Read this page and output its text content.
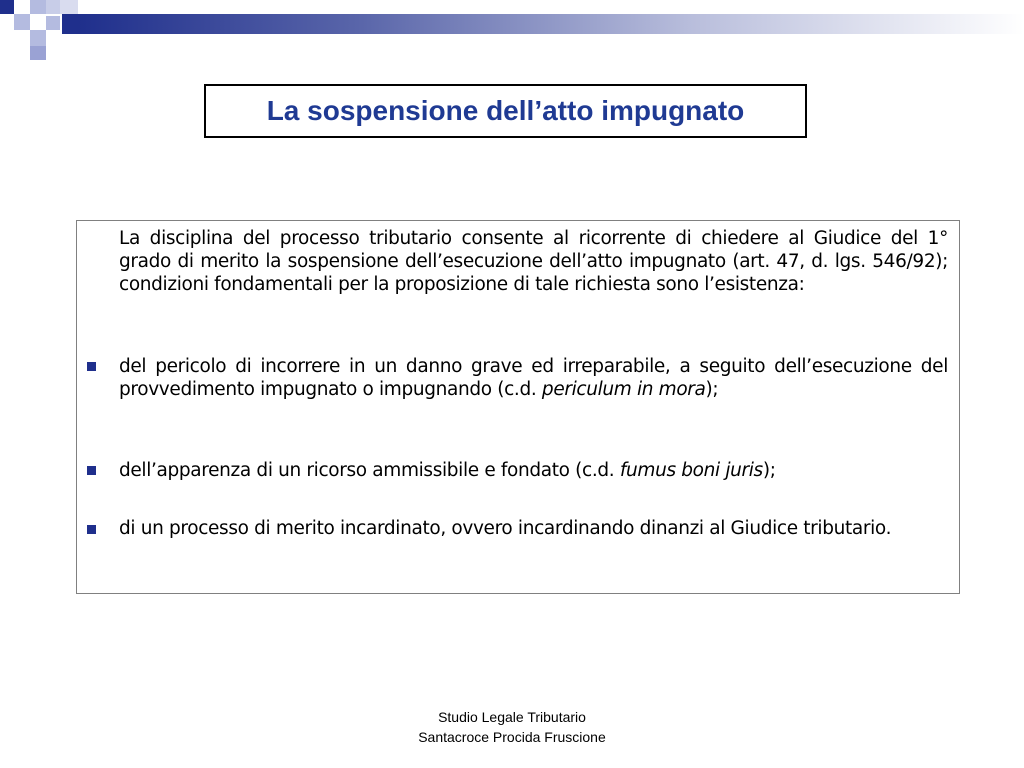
La sospensione dell’atto impugnato
La disciplina del processo tributario consente al ricorrente di chiedere al Giudice del 1° grado di merito la sospensione dell’esecuzione dell’atto impugnato (art. 47, d. lgs. 546/92); condizioni fondamentali per la proposizione di tale richiesta sono l’esistenza:
del pericolo di incorrere in un danno grave ed irreparabile, a seguito dell’esecuzione del provvedimento impugnato o impugnando (c.d. periculum in mora);
dell’apparenza di un ricorso ammissibile e fondato (c.d. fumus boni juris);
di un processo di merito incardinato, ovvero incardinando dinanzi al Giudice tributario.
Studio Legale Tributario
Santacroce Procida Fruscione
